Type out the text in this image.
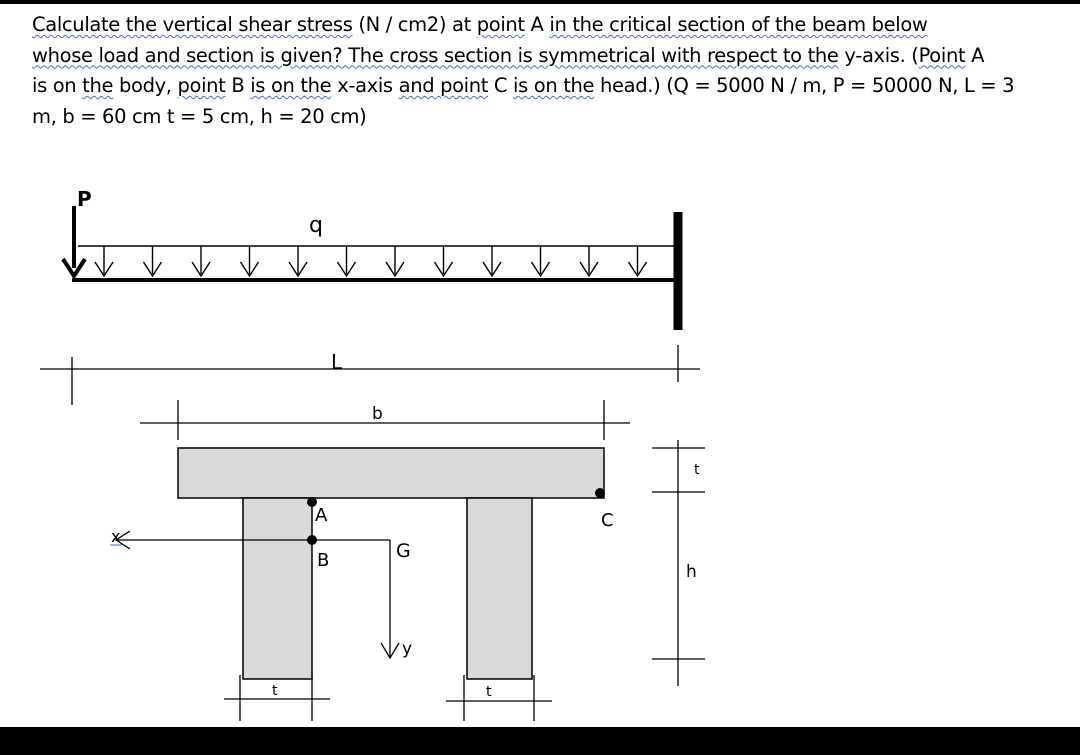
Calculate the vertical shear stress (N / cm2) at point A in the critical section of the beam below
whose load and section is given? The cross section is symmetrical with respect to the y-axis. (Point A
is on the body, point B is on the x-axis and point C is on the head.) (Q = 5000 N / m, P = 50000 N, L = 3
m, b = 60 cm t = 5 cm, h = 20 cm)
P
q
L
b
t
h
t	t
x
y
G
A
B
C
